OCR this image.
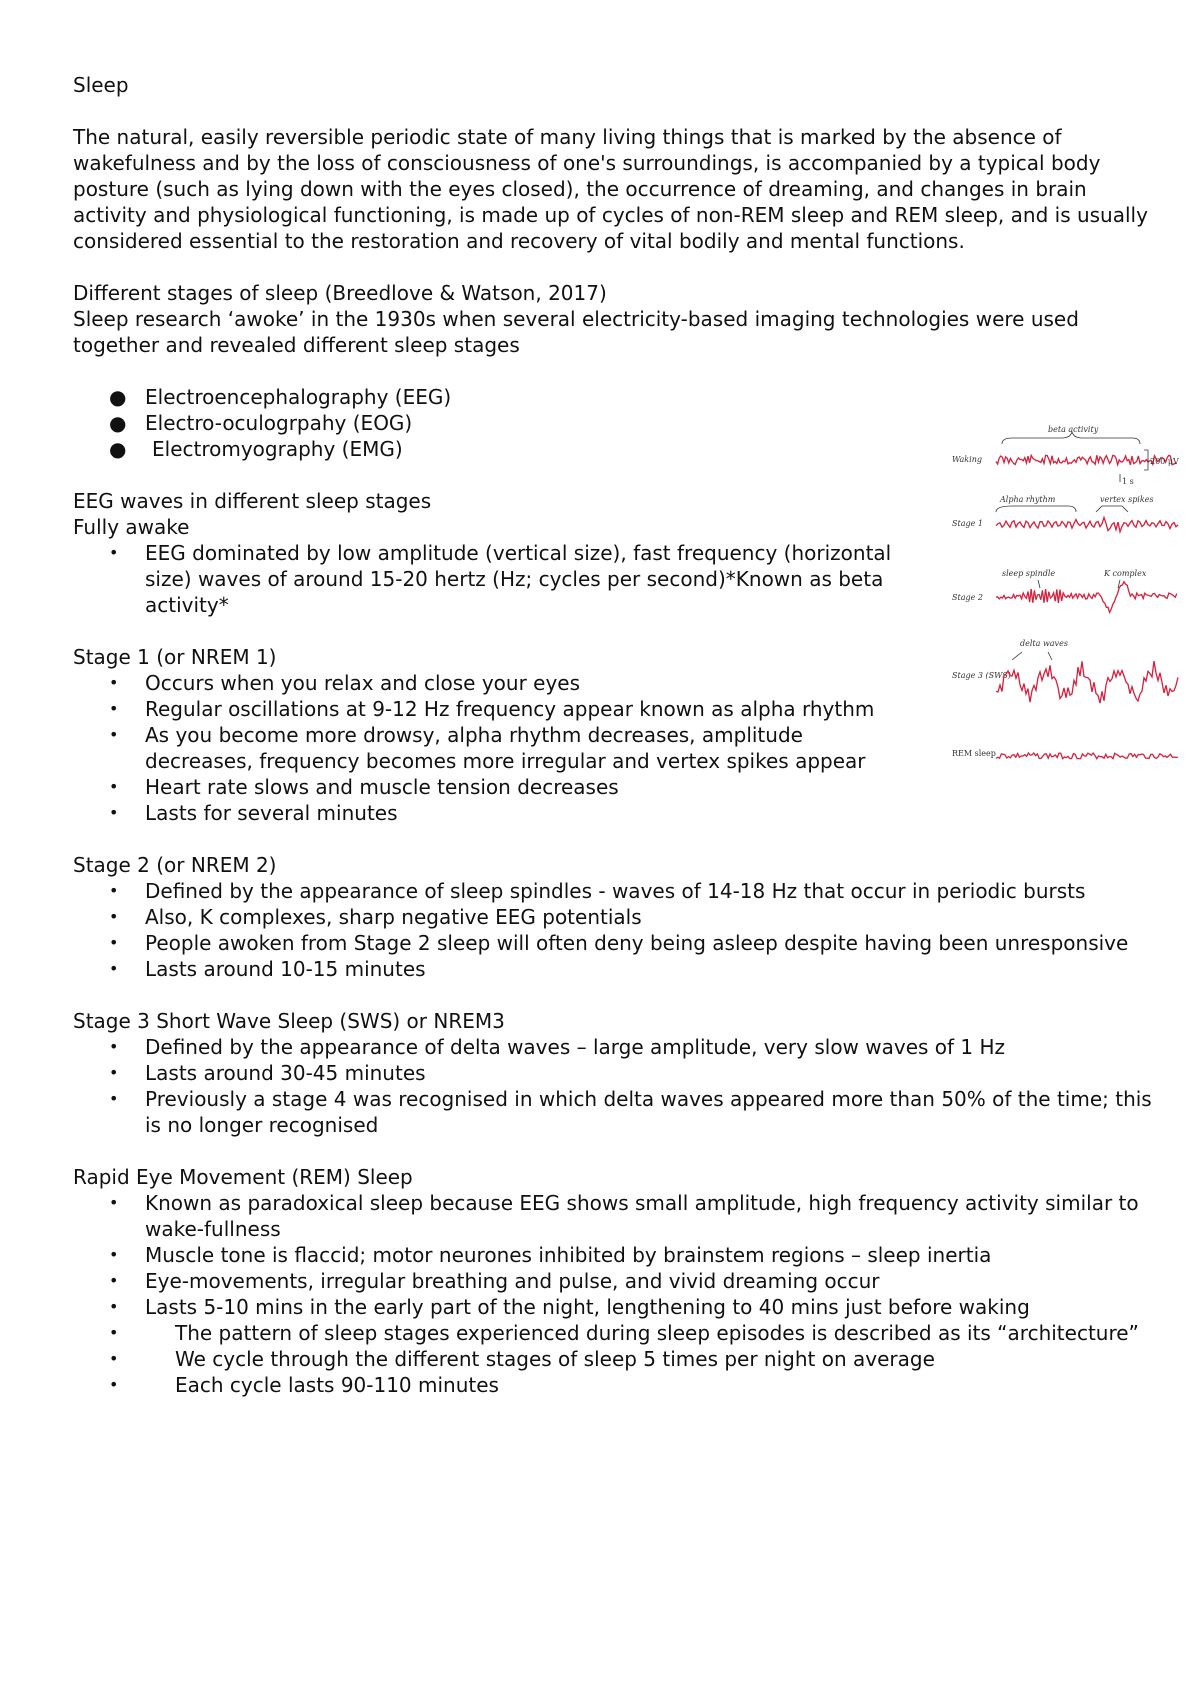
Sleep

The natural, easily reversible periodic state of many living things that is marked by the absence of wakefulness and by the loss of consciousness of one's surroundings, is accompanied by a typical body posture (such as lying down with the eyes closed), the occurrence of dreaming, and changes in brain activity and physiological functioning, is made up of cycles of non-REM sleep and REM sleep, and is usually considered essential to the restoration and recovery of vital bodily and mental functions.

Different stages of sleep (Breedlove & Watson, 2017)

Sleep research ‘awoke’ in the 1930s when several electricity-based imaging technologies were used together and revealed different sleep stages

● Electroencephalography (EEG)
● Electro-oculogrpahy (EOG)
● Electromyography (EMG)

EEG waves in different sleep stages

Fully awake

•	EEG dominated by low amplitude (vertical size), fast frequency (horizontal size) waves of around 15-20 hertz (Hz; cycles per second)*Known as beta activity*

Stage 1 (or NREM 1)

•	Occurs when you relax and close your eyes
•	Regular oscillations at 9-12 Hz frequency appear known as alpha rhythm
•	As you become more drowsy, alpha rhythm decreases, amplitude decreases, frequency becomes more irregular and vertex spikes appear
•	Heart rate slows and muscle tension decreases
•	Lasts for several minutes

Stage 2 (or NREM 2)

•	Defined by the appearance of sleep spindles - waves of 14-18 Hz that occur in periodic bursts
•	Also, K complexes, sharp negative EEG potentials
•	People awoken from Stage 2 sleep will often deny being asleep despite having been unresponsive
•	Lasts around 10-15 minutes

Stage 3 Short Wave Sleep (SWS) or NREM3

•	Defined by the appearance of delta waves – large amplitude, very slow waves of 1 Hz
•	Lasts around 30-45 minutes
•	Previously a stage 4 was recognised in which delta waves appeared more than 50% of the time; this is no longer recognised

Rapid Eye Movement (REM) Sleep

•	Known as paradoxical sleep because EEG shows small amplitude, high frequency activity similar to wake-fullness
•	Muscle tone is flaccid; motor neurones inhibited by brainstem regions – sleep inertia
•	Eye-movements, irregular breathing and pulse, and vivid dreaming occur
•	Lasts 5-10 mins in the early part of the night, lengthening to 40 mins just before waking
•	The pattern of sleep stages experienced during sleep episodes is described as its “architecture”
•	We cycle through the different stages of sleep 5 times per night on average
•	Each cycle lasts 90-110 minutes
Waking
beta activity
200 μV
1 s
Stage 1
Alpha rhythm	vertex spikes
Stage 2
sleep spindle	K complex
Stage 3 (SWS)
delta waves
REM sleep
